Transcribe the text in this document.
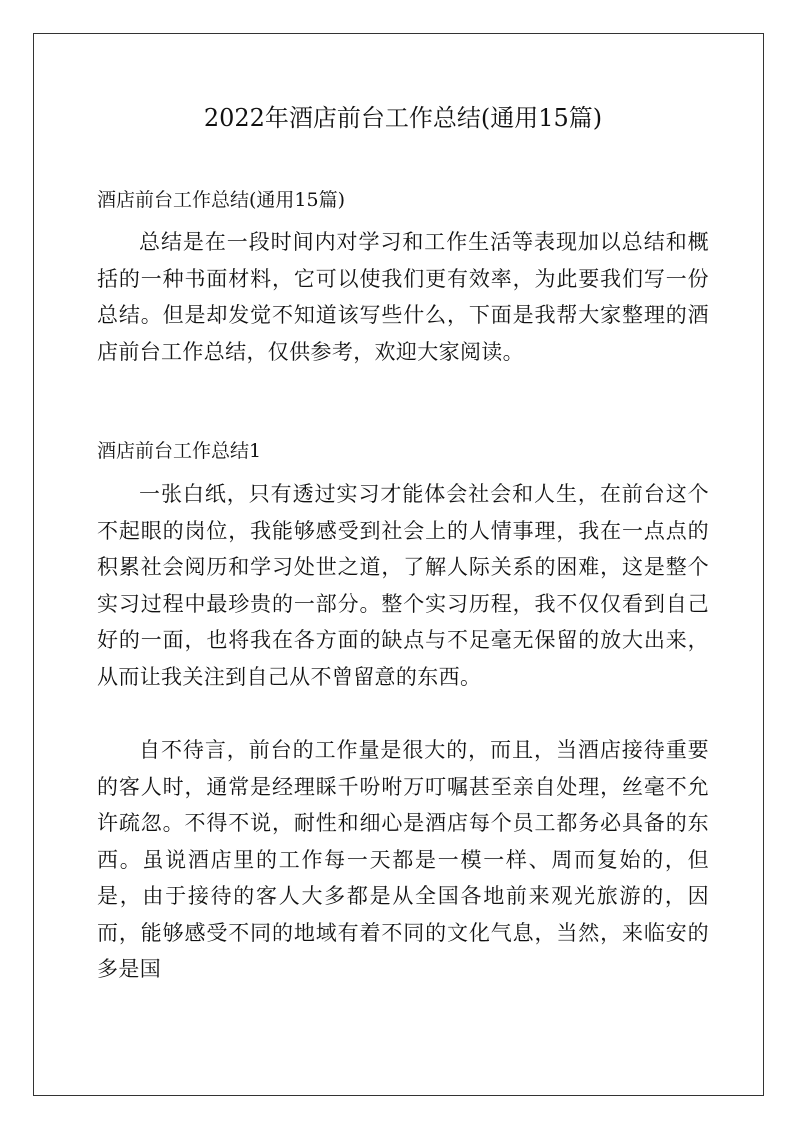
2022年酒店前台工作总结(通用15篇)

酒店前台工作总结(通用15篇)

总结是在一段时间内对学习和工作生活等表现加以总结和概括的一种书面材料，它可以使我们更有效率，为此要我们写一份总结。但是却发觉不知道该写些什么，下面是我帮大家整理的酒店前台工作总结，仅供参考，欢迎大家阅读。

酒店前台工作总结1

一张白纸，只有透过实习才能体会社会和人生，在前台这个不起眼的岗位，我能够感受到社会上的人情事理，我在一点点的积累社会阅历和学习处世之道，了解人际关系的困难，这是整个实习过程中最珍贵的一部分。整个实习历程，我不仅仅看到自己好的一面，也将我在各方面的缺点与不足毫无保留的放大出来，从而让我关注到自己从不曾留意的东西。

自不待言，前台的工作量是很大的，而且，当酒店接待重要的客人时，通常是经理睬千吩咐万叮嘱甚至亲自处理，丝毫不允许疏忽。不得不说，耐性和细心是酒店每个员工都务必具备的东西。虽说酒店里的工作每一天都是一模一样、周而复始的，但是，由于接待的客人大多都是从全国各地前来观光旅游的，因而，能够感受不同的地域有着不同的文化气息，当然，来临安的多是国
